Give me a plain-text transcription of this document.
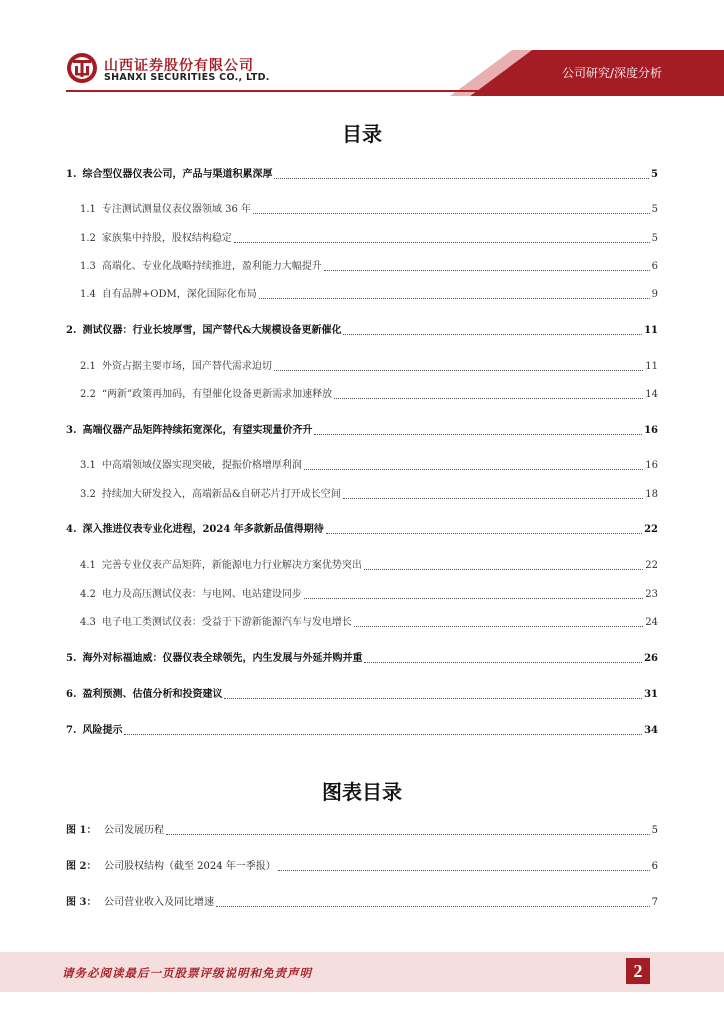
山西证券股份有限公司
SHANXI SECURITIES CO., LTD.	公司研究/深度分析
目录
1. 综合型仪器仪表公司，产品与渠道积累深厚	5
1.1 专注测试测量仪表仪器领域 36 年	5
1.2 家族集中持股，股权结构稳定	5
1.3 高端化、专业化战略持续推进，盈利能力大幅提升	6
1.4 自有品牌+ODM，深化国际化布局	9
2. 测试仪器：行业长坡厚雪，国产替代&大规模设备更新催化	11
2.1 外资占据主要市场，国产替代需求迫切	11
2.2 “两新”政策再加码，有望催化设备更新需求加速释放	14
3. 高端仪器产品矩阵持续拓宽深化，有望实现量价齐升	16
3.1 中高端领域仪器实现突破，提振价格增厚利润	16
3.2 持续加大研发投入，高端新品&自研芯片打开成长空间	18
4. 深入推进仪表专业化进程，2024 年多款新品值得期待	22
4.1 完善专业仪表产品矩阵，新能源电力行业解决方案优势突出	22
4.2 电力及高压测试仪表：与电网、电站建设同步	23
4.3 电子电工类测试仪表：受益于下游新能源汽车与发电增长	24
5. 海外对标福迪威：仪器仪表全球领先，内生发展与外延并购并重	26
6. 盈利预测、估值分析和投资建议	31
7. 风险提示	34
图表目录
图 1： 公司发展历程	5
图 2： 公司股权结构（截至 2024 年一季报）	6
图 3： 公司营业收入及同比增速	7
请务必阅读最后一页股票评级说明和免责声明	2
